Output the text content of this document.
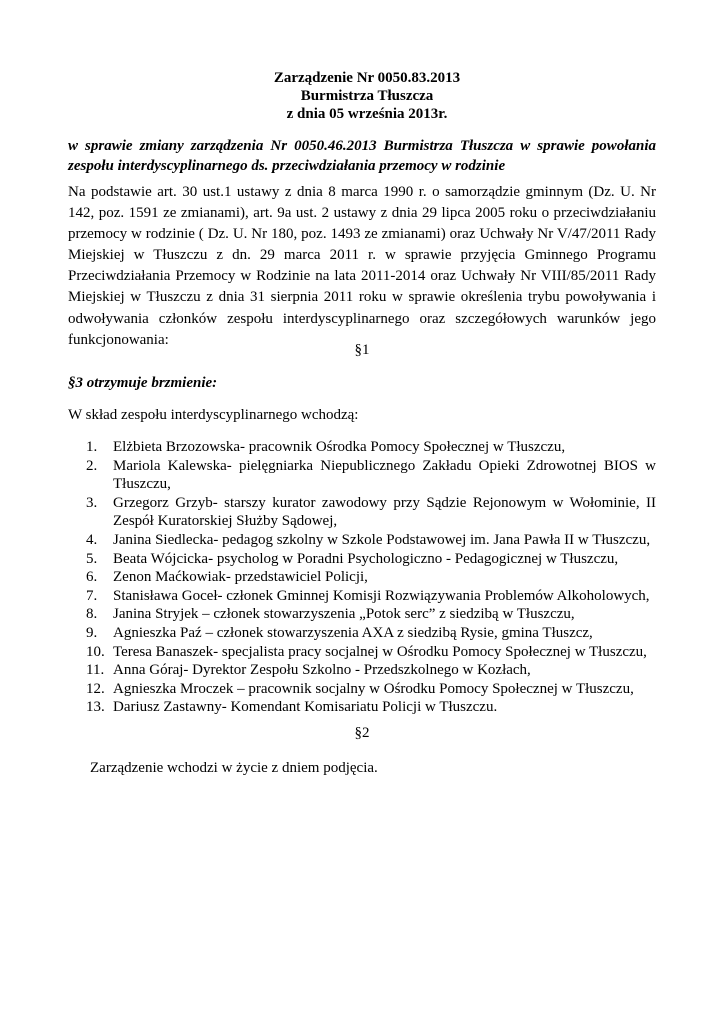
Zarządzenie Nr 0050.83.2013
Burmistrza Tłuszcza
z dnia 05 września 2013r.
w sprawie zmiany zarządzenia Nr 0050.46.2013 Burmistrza Tłuszcza w sprawie powołania zespołu interdyscyplinarnego ds. przeciwdziałania przemocy w rodzinie
Na podstawie art. 30 ust.1 ustawy z dnia 8 marca 1990 r. o samorządzie gminnym (Dz. U. Nr 142, poz. 1591 ze zmianami), art. 9a ust. 2 ustawy z dnia 29 lipca 2005 roku o przeciwdziałaniu przemocy w rodzinie ( Dz. U. Nr 180, poz. 1493 ze zmianami) oraz Uchwały Nr V/47/2011 Rady Miejskiej w Tłuszczu z dn. 29 marca 2011 r. w sprawie przyjęcia Gminnego Programu Przeciwdziałania Przemocy w Rodzinie na lata 2011-2014 oraz Uchwały Nr VIII/85/2011 Rady Miejskiej w Tłuszczu z dnia 31 sierpnia 2011 roku w sprawie określenia trybu powoływania i odwoływania członków zespołu interdyscyplinarnego oraz szczegółowych warunków jego funkcjonowania:
§1
§3 otrzymuje brzmienie:
W skład zespołu interdyscyplinarnego wchodzą:
1. Elżbieta Brzozowska- pracownik Ośrodka Pomocy Społecznej w Tłuszczu,
2. Mariola Kalewska- pielęgniarka Niepublicznego Zakładu Opieki Zdrowotnej BIOS w Tłuszczu,
3. Grzegorz Grzyb- starszy kurator zawodowy przy Sądzie Rejonowym w Wołominie, II Zespół Kuratorskiej Służby Sądowej,
4. Janina Siedlecka- pedagog szkolny w Szkole Podstawowej im. Jana Pawła II w Tłuszczu,
5. Beata Wójcicka- psycholog w Poradni Psychologiczno - Pedagogicznej w Tłuszczu,
6. Zenon Maćkowiak- przedstawiciel Policji,
7. Stanisława Goceł- członek Gminnej Komisji Rozwiązywania Problemów Alkoholowych,
8. Janina Stryjek – członek stowarzyszenia „Potok serc” z siedzibą w Tłuszczu,
9. Agnieszka Paź – członek stowarzyszenia AXA z siedzibą Rysie, gmina Tłuszcz,
10. Teresa Banaszek- specjalista pracy socjalnej w Ośrodku Pomocy Społecznej w Tłuszczu,
11. Anna Góraj- Dyrektor Zespołu Szkolno - Przedszkolnego w Kozłach,
12. Agnieszka Mroczek – pracownik socjalny w Ośrodku Pomocy Społecznej w Tłuszczu,
13. Dariusz Zastawny- Komendant Komisariatu Policji w Tłuszczu.
§2
Zarządzenie wchodzi w życie z dniem podjęcia.
